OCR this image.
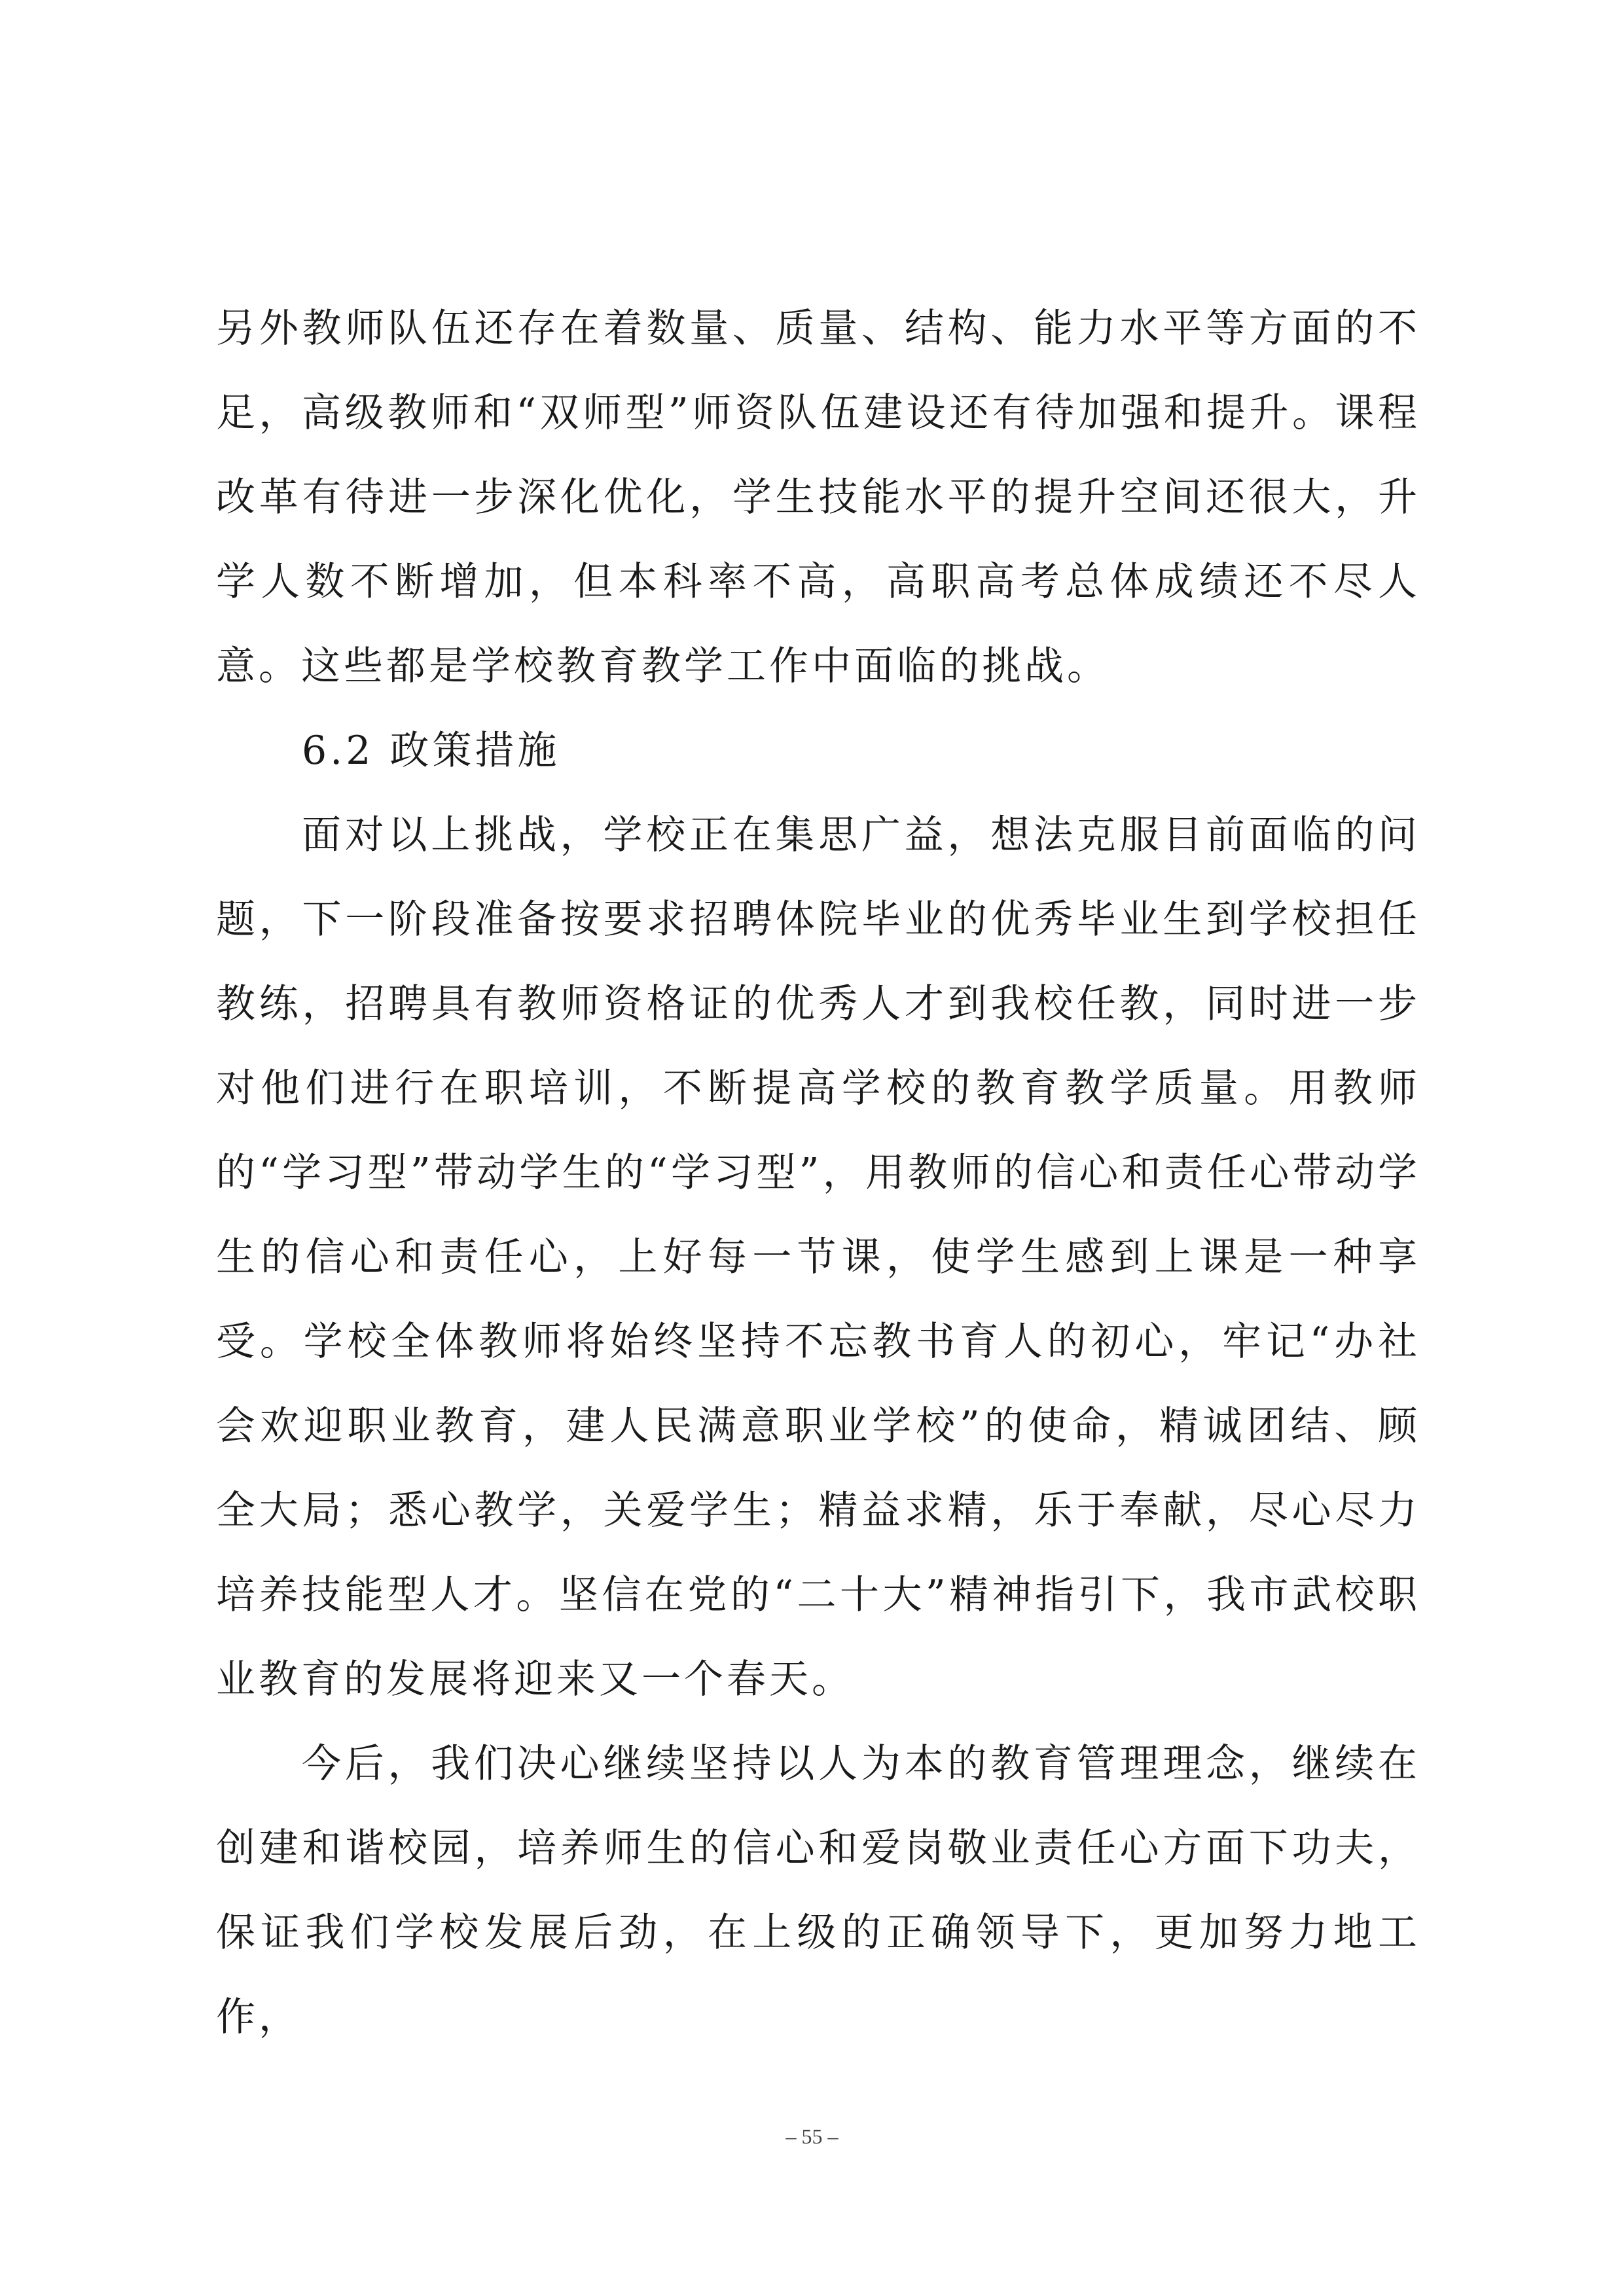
另外教师队伍还存在着数量、质量、结构、能力水平等方面的不足，高级教师和“双师型”师资队伍建设还有待加强和提升。课程改革有待进一步深化优化，学生技能水平的提升空间还很大，升学人数不断增加，但本科率不高，高职高考总体成绩还不尽人意。这些都是学校教育教学工作中面临的挑战。

6.2 政策措施

面对以上挑战，学校正在集思广益，想法克服目前面临的问题，下一阶段准备按要求招聘体院毕业的优秀毕业生到学校担任教练，招聘具有教师资格证的优秀人才到我校任教，同时进一步对他们进行在职培训，不断提高学校的教育教学质量。用教师的“学习型”带动学生的“学习型”，用教师的信心和责任心带动学生的信心和责任心，上好每一节课，使学生感到上课是一种享受。学校全体教师将始终坚持不忘教书育人的初心，牢记“办社会欢迎职业教育，建人民满意职业学校”的使命，精诚团结、顾全大局；悉心教学，关爱学生；精益求精，乐于奉献，尽心尽力培养技能型人才。坚信在党的“二十大”精神指引下，我市武校职业教育的发展将迎来又一个春天。

今后，我们决心继续坚持以人为本的教育管理理念，继续在创建和谐校园，培养师生的信心和爱岗敬业责任心方面下功夫，保证我们学校发展后劲，在上级的正确领导下，更加努力地工作，

– 55 –
